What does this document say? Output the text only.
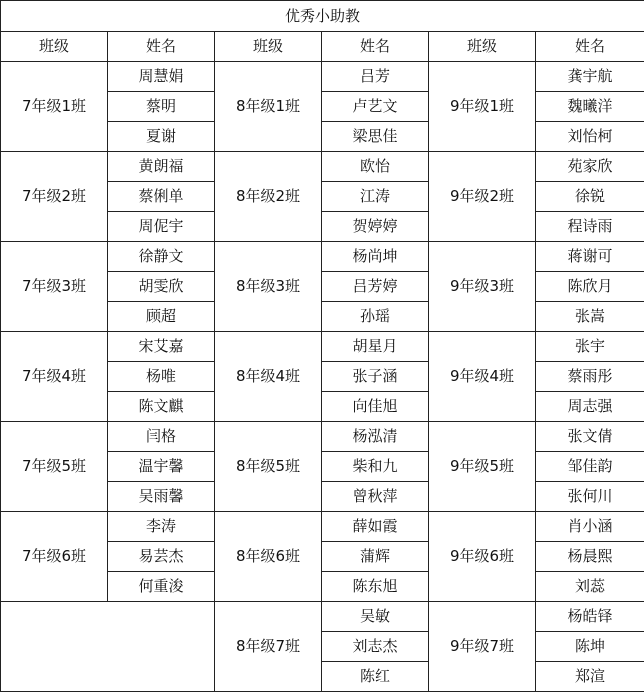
优秀小助教					
班级	姓名	班级	姓名	班级	姓名
7年级1班	周慧娟	8年级1班	吕芳	9年级1班	龚宇航
	蔡明		卢艺文		魏曦洋
	夏谢		梁思佳		刘怡柯
7年级2班	黄朗福	8年级2班	欧怡	9年级2班	苑家欣
	蔡俐单		江涛		徐锐
	周伲宇		贺婷婷		程诗雨
7年级3班	徐静文	8年级3班	杨尚坤	9年级3班	蒋谢可
	胡雯欣		吕芳婷		陈欣月
	顾超		孙瑶		张嵩
7年级4班	宋艾嘉	8年级4班	胡星月	9年级4班	张宇
	杨唯		张子涵		蔡雨彤
	陈文麒		向佳旭		周志强
7年级5班	闫格	8年级5班	杨泓清	9年级5班	张文倩
	温宇馨		柴和九		邹佳韵
	吴雨馨		曾秋萍		张何川
7年级6班	李涛	8年级6班	薛如霞	9年级6班	肖小涵
	易芸杰		蒲辉		杨晨熙
	何重浚		陈东旭		刘蕊
		8年级7班	吴敏	9年级7班	杨皓铎
			刘志杰		陈坤
			陈红		郑渲
